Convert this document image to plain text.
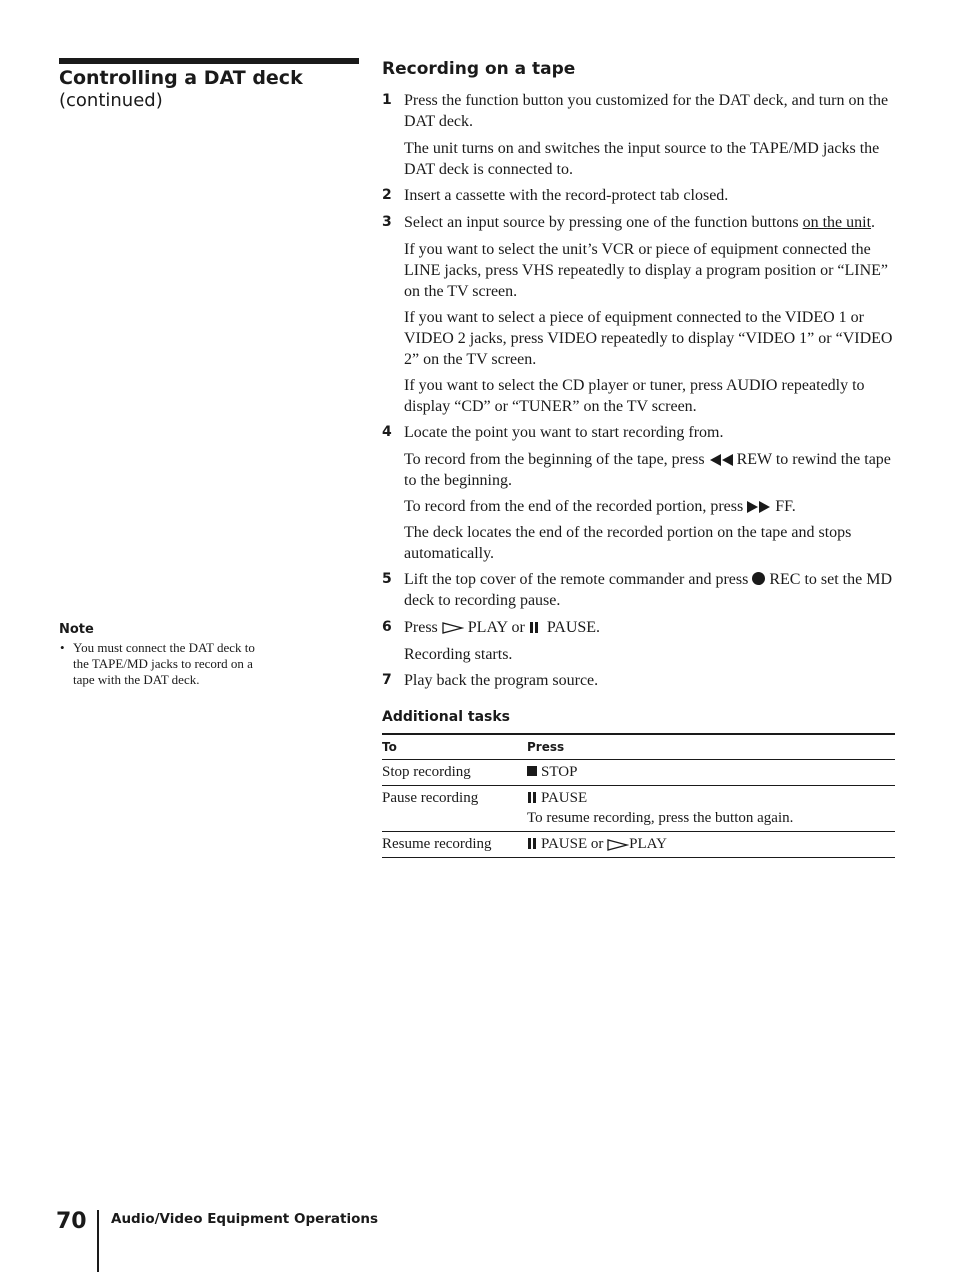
Controlling a DAT deck
(continued)
Note
• You must connect the DAT deck to the TAPE/MD jacks to record on a tape with the DAT deck.
Recording on a tape
1 Press the function button you customized for the DAT deck, and turn on the DAT deck.
The unit turns on and switches the input source to the TAPE/MD jacks the DAT deck is connected to.
2 Insert a cassette with the record-protect tab closed.
3 Select an input source by pressing one of the function buttons on the unit.
If you want to select the unit’s VCR or piece of equipment connected the LINE jacks, press VHS repeatedly to display a program position or “LINE” on the TV screen.
If you want to select a piece of equipment connected to the VIDEO 1 or VIDEO 2 jacks, press VIDEO repeatedly to display “VIDEO 1” or “VIDEO 2” on the TV screen.
If you want to select the CD player or tuner, press AUDIO repeatedly to display “CD” or “TUNER” on the TV screen.
4 Locate the point you want to start recording from.
To record from the beginning of the tape, press  REW to rewind the tape to the beginning.
To record from the end of the recorded portion, press  FF.
The deck locates the end of the recorded portion on the tape and stops automatically.
5 Lift the top cover of the remote commander and press  REC to set the MD deck to recording pause.
6 Press  PLAY or  PAUSE.
Recording starts.
7 Play back the program source.
Additional tasks
To	Press
Stop recording	STOP
Pause recording	PAUSE
To resume recording, press the button again.

Resume recording	PAUSE or PLAY
70 Audio/Video Equipment Operations
